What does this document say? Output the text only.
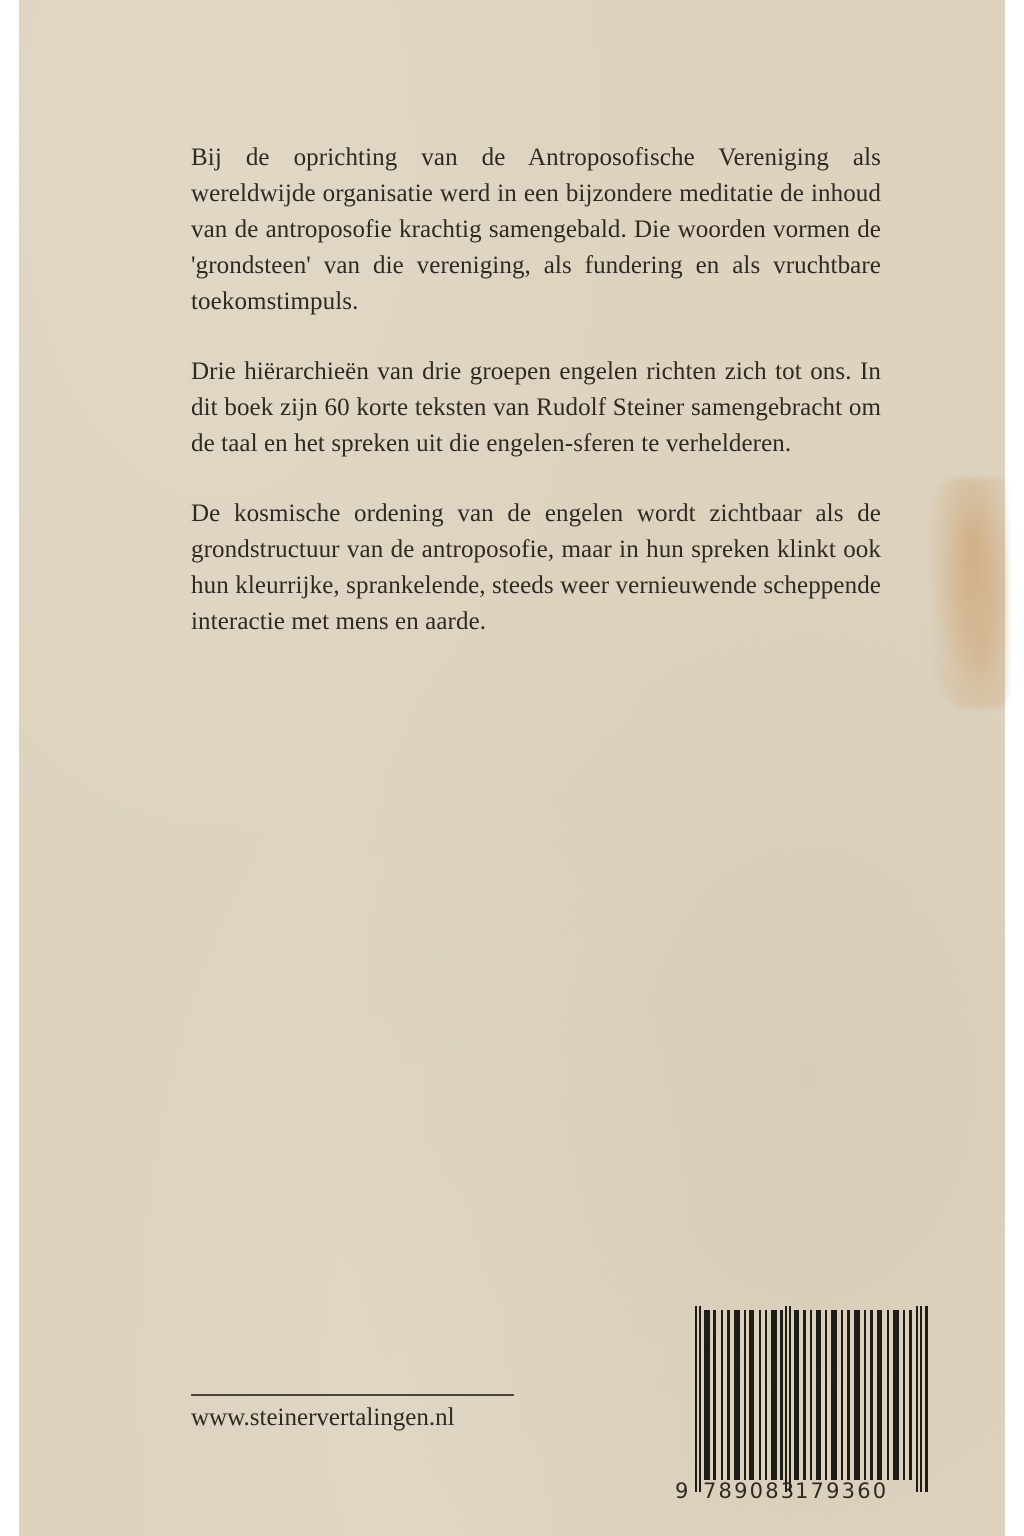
Bij de oprichting van de Antroposofische Vereniging als wereldwijde organisatie werd in een bijzondere meditatie de inhoud van de antroposofie krachtig samengebald. Die woorden vormen de 'grondsteen' van die vereniging, als fundering en als vruchtbare toekomstimpuls.

Drie hiërarchieën van drie groepen engelen richten zich tot ons. In dit boek zijn 60 korte teksten van Rudolf Steiner samengebracht om de taal en het spreken uit die engelen-sferen te verhelderen.

De kosmische ordening van de engelen wordt zichtbaar als de grondstructuur van de antroposofie, maar in hun spreken klinkt ook hun kleurrijke, sprankelende, steeds weer vernieuwende scheppende interactie met mens en aarde.

www.steinervertalingen.nl
9 789083
179360
